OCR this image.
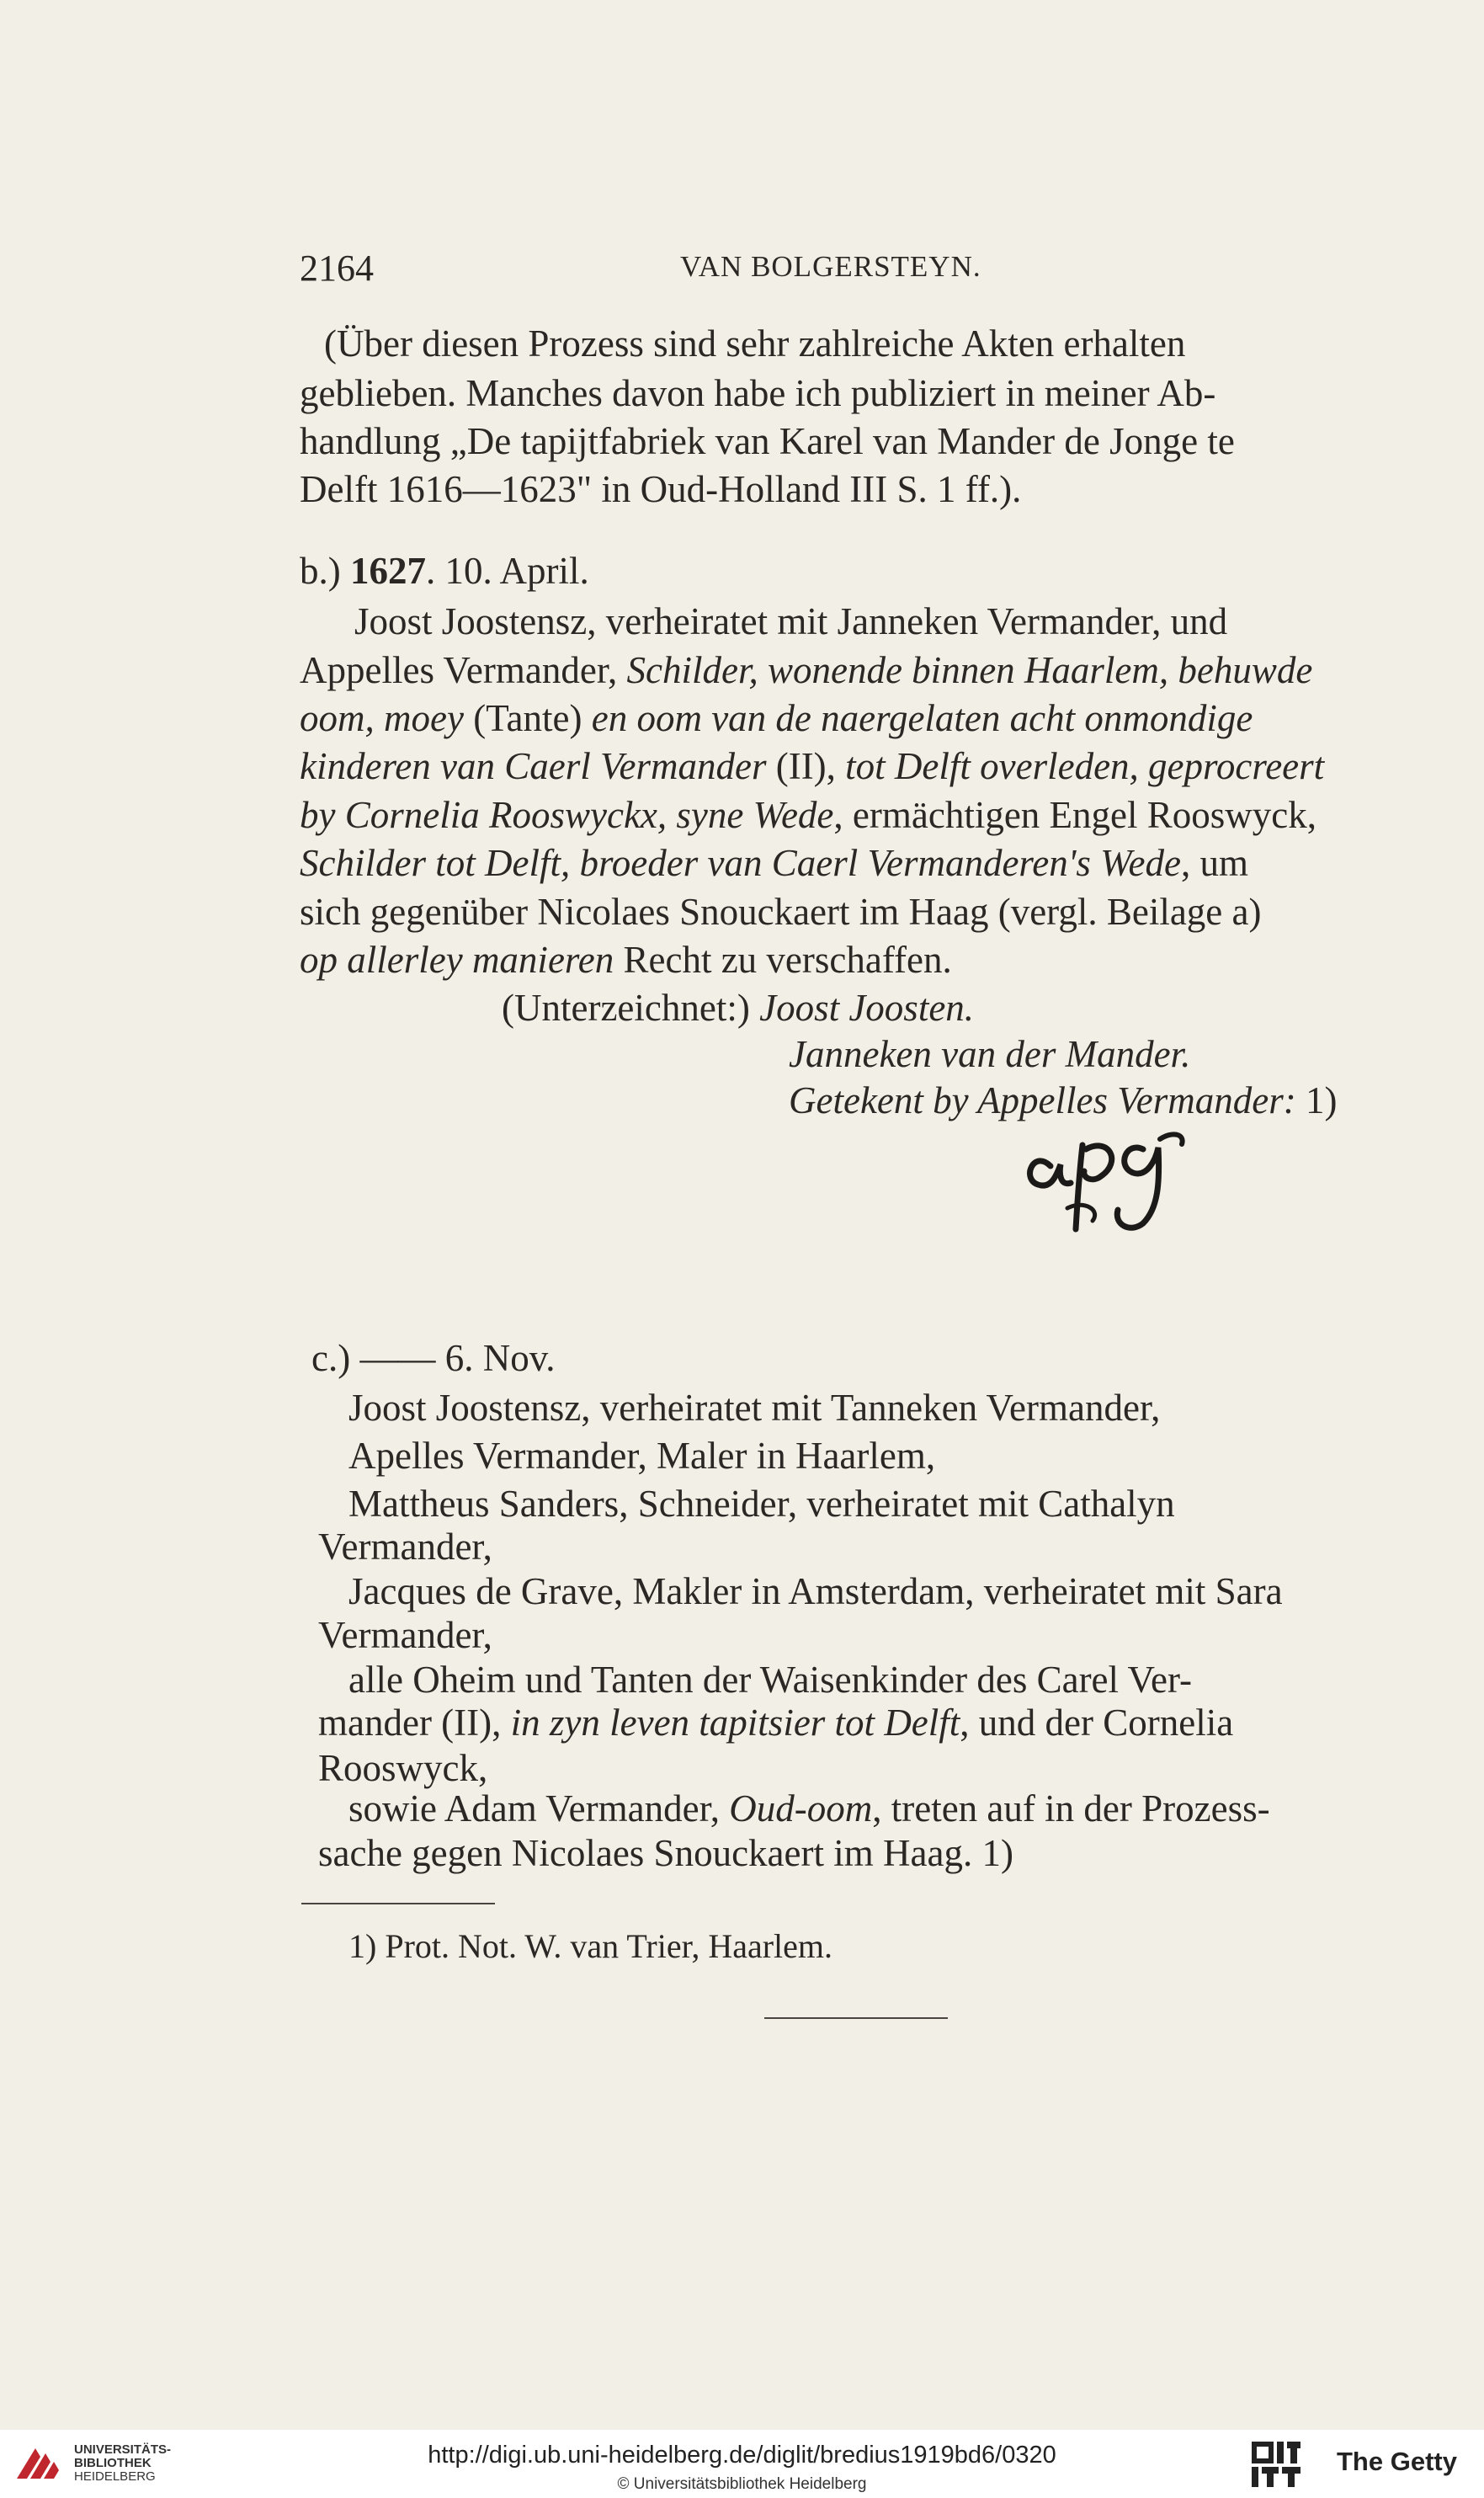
2164	VAN BOLGERSTEYN.
(Über diesen Prozess sind sehr zahlreiche Akten erhalten
geblieben. Manches davon habe ich publiziert in meiner Ab-
handlung „De tapijtfabriek van Karel van Mander de Jonge te
Delft 1616—1623" in Oud-Holland III S. 1 ff.).
b.) 1627. 10. April.
Joost Joostensz, verheiratet mit Janneken Vermander, und
Appelles Vermander, Schilder, wonende binnen Haarlem, behuwde
oom, moey (Tante) en oom van de naergelaten acht onmondige
kinderen van Caerl Vermander (II), tot Delft overleden, geprocreert
by Cornelia Rooswyckx, syne Wede, ermächtigen Engel Rooswyck,
Schilder tot Delft, broeder van Caerl Vermanderen's Wede, um
sich gegenüber Nicolaes Snouckaert im Haag (vergl. Beilage a)
op allerley manieren Recht zu verschaffen.
(Unterzeichnet:) Joost Joosten.
Janneken van der Mander.
Getekent by Appelles Vermander: 1)
c.) —— 6. Nov.
Joost Joostensz, verheiratet mit Tanneken Vermander,
Apelles Vermander, Maler in Haarlem,
Mattheus Sanders, Schneider, verheiratet mit Cathalyn
Vermander,
Jacques de Grave, Makler in Amsterdam, verheiratet mit Sara
Vermander,
alle Oheim und Tanten der Waisenkinder des Carel Ver-
mander (II), in zyn leven tapitsier tot Delft, und der Cornelia
Rooswyck,
sowie Adam Vermander, Oud-oom, treten auf in der Prozess-
sache gegen Nicolaes Snouckaert im Haag. 1)
1) Prot. Not. W. van Trier, Haarlem.
UNIVERSITÄTS-
BIBLIOTHEK
HEIDELBERG
http://digi.ub.uni-heidelberg.de/diglit/bredius1919bd6/0320
© Universitätsbibliothek Heidelberg
The Getty
